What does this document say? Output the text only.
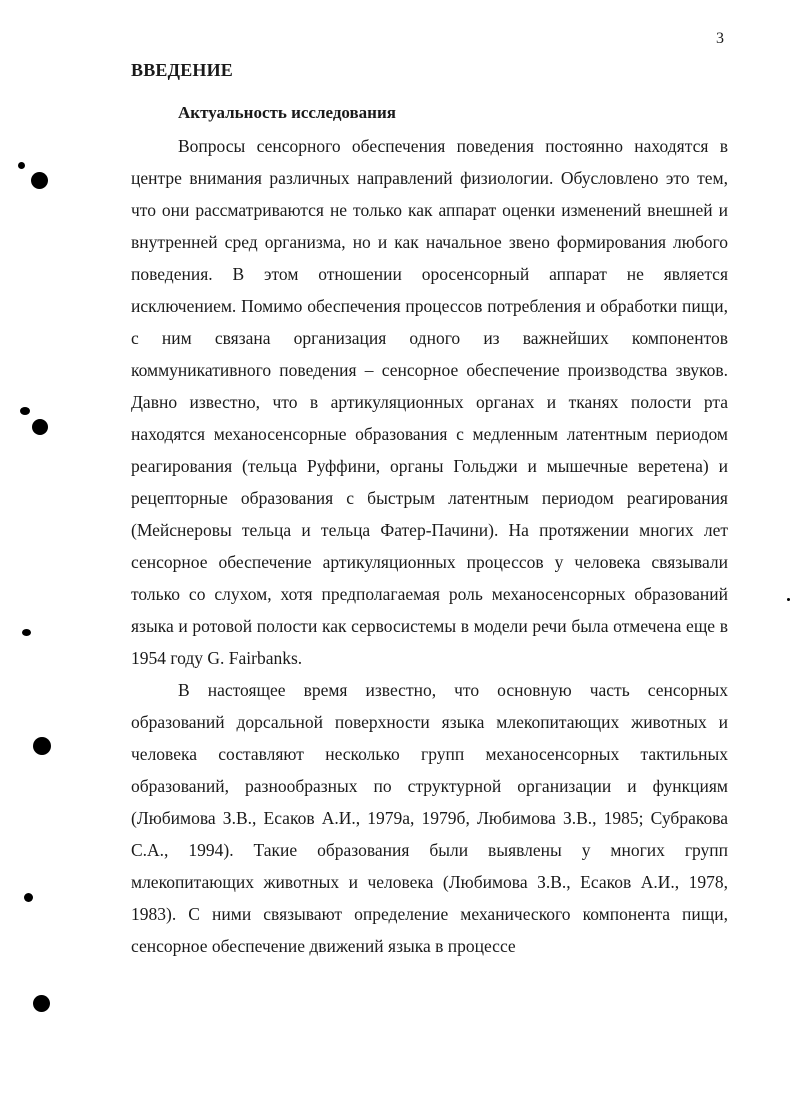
3
ВВЕДЕНИЕ
Актуальность исследования

Вопросы сенсорного обеспечения поведения постоянно находятся в центре внимания различных направлений физиологии. Обусловлено это тем, что они рассматриваются не только как аппарат оценки изменений внешней и внутренней сред организма, но и как начальное звено формирования любого поведения. В этом отношении оросенсорный аппарат не является исключением. Помимо обеспечения процессов потребления и обработки пищи, с ним связана организация одного из важнейших компонентов коммуникативного поведения – сенсорное обеспечение производства звуков. Давно известно, что в артикуляционных органах и тканях полости рта находятся механосенсорные образования с медленным латентным периодом реагирования (тельца Руффини, органы Гольджи и мышечные веретена) и рецепторные образования с быстрым латентным периодом реагирования (Мейснеровы тельца и тельца Фатер-Пачини). На протяжении многих лет сенсорное обеспечение артикуляционных процессов у человека связывали только со слухом, хотя предполагаемая роль механосенсорных образований языка и ротовой полости как сервосистемы в модели речи была отмечена еще в 1954 году G. Fairbanks.

В настоящее время известно, что основную часть сенсорных образований дорсальной поверхности языка млекопитающих животных и человека составляют несколько групп механосенсорных тактильных образований, разнообразных по структурной организации и функциям (Любимова З.В., Есаков А.И., 1979а, 1979б, Любимова З.В., 1985; Субракова С.А., 1994). Такие образования были выявлены у многих групп млекопитающих животных и человека (Любимова З.В., Есаков А.И., 1978, 1983). С ними связывают определение механического компонента пищи, сенсорное обеспечение движений языка в процессе
